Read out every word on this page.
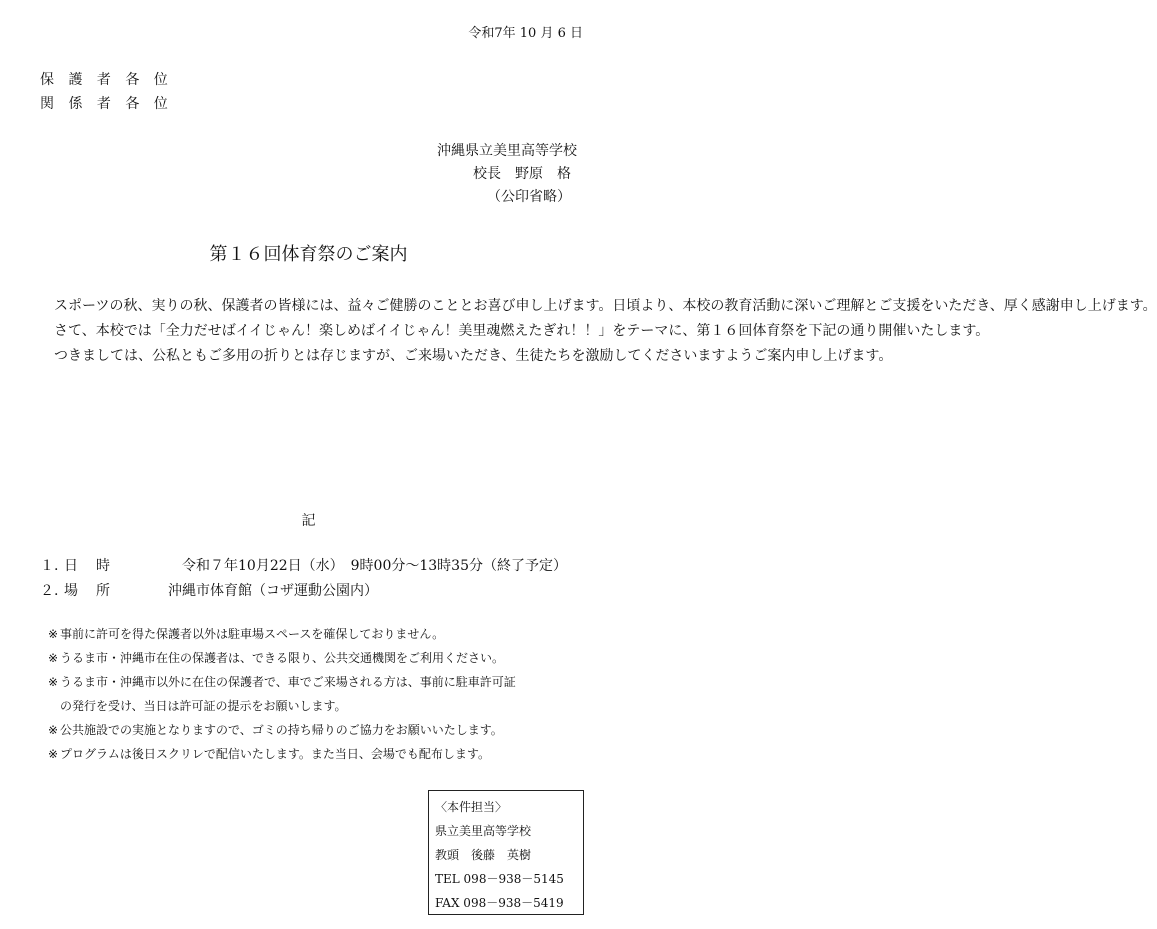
令和7年 10 月 6 日
保 護 者 各 位
関 係 者 各 位
沖縄県立美里高等学校
校長　野原　格
（公印省略）
第１６回体育祭のご案内

スポーツの秋、実りの秋、保護者の皆様には、益々ご健勝のこととお喜び申し上げます。日頃より、本校の教育活動に深いご理解とご支援をいただき、厚く感謝申し上げます。

さて、本校では「全力だせばイイじゃん！楽しめばイイじゃん！美里魂燃えたぎれ！！」をテーマに、第１６回体育祭を下記の通り開催いたします。

つきましては、公私ともご多用の折りとは存じますが、ご来場いただき、生徒たちを激励してくださいますようご案内申し上げます。

記
１. 日　時	令和７年10月22日（水）　9時00分～13時35分（終了予定）
２. 場　所	沖縄市体育館（コザ運動公園内）
※ 事前に許可を得た保護者以外は駐車場スペースを確保しておりません。
※ うるま市・沖縄市在住の保護者は、できる限り、公共交通機関をご利用ください。
※ うるま市・沖縄市以外に在住の保護者で、車でご来場される方は、事前に駐車許可証
の発行を受け、当日は許可証の提示をお願いします。
※ 公共施設での実施となりますので、ゴミの持ち帰りのご協力をお願いいたします。
※ プログラムは後日スクリレで配信いたします。また当日、会場でも配布します。
〈本件担当〉
県立美里高等学校
教頭　後藤　英樹
TEL 098－938－5145
FAX 098－938－5419
